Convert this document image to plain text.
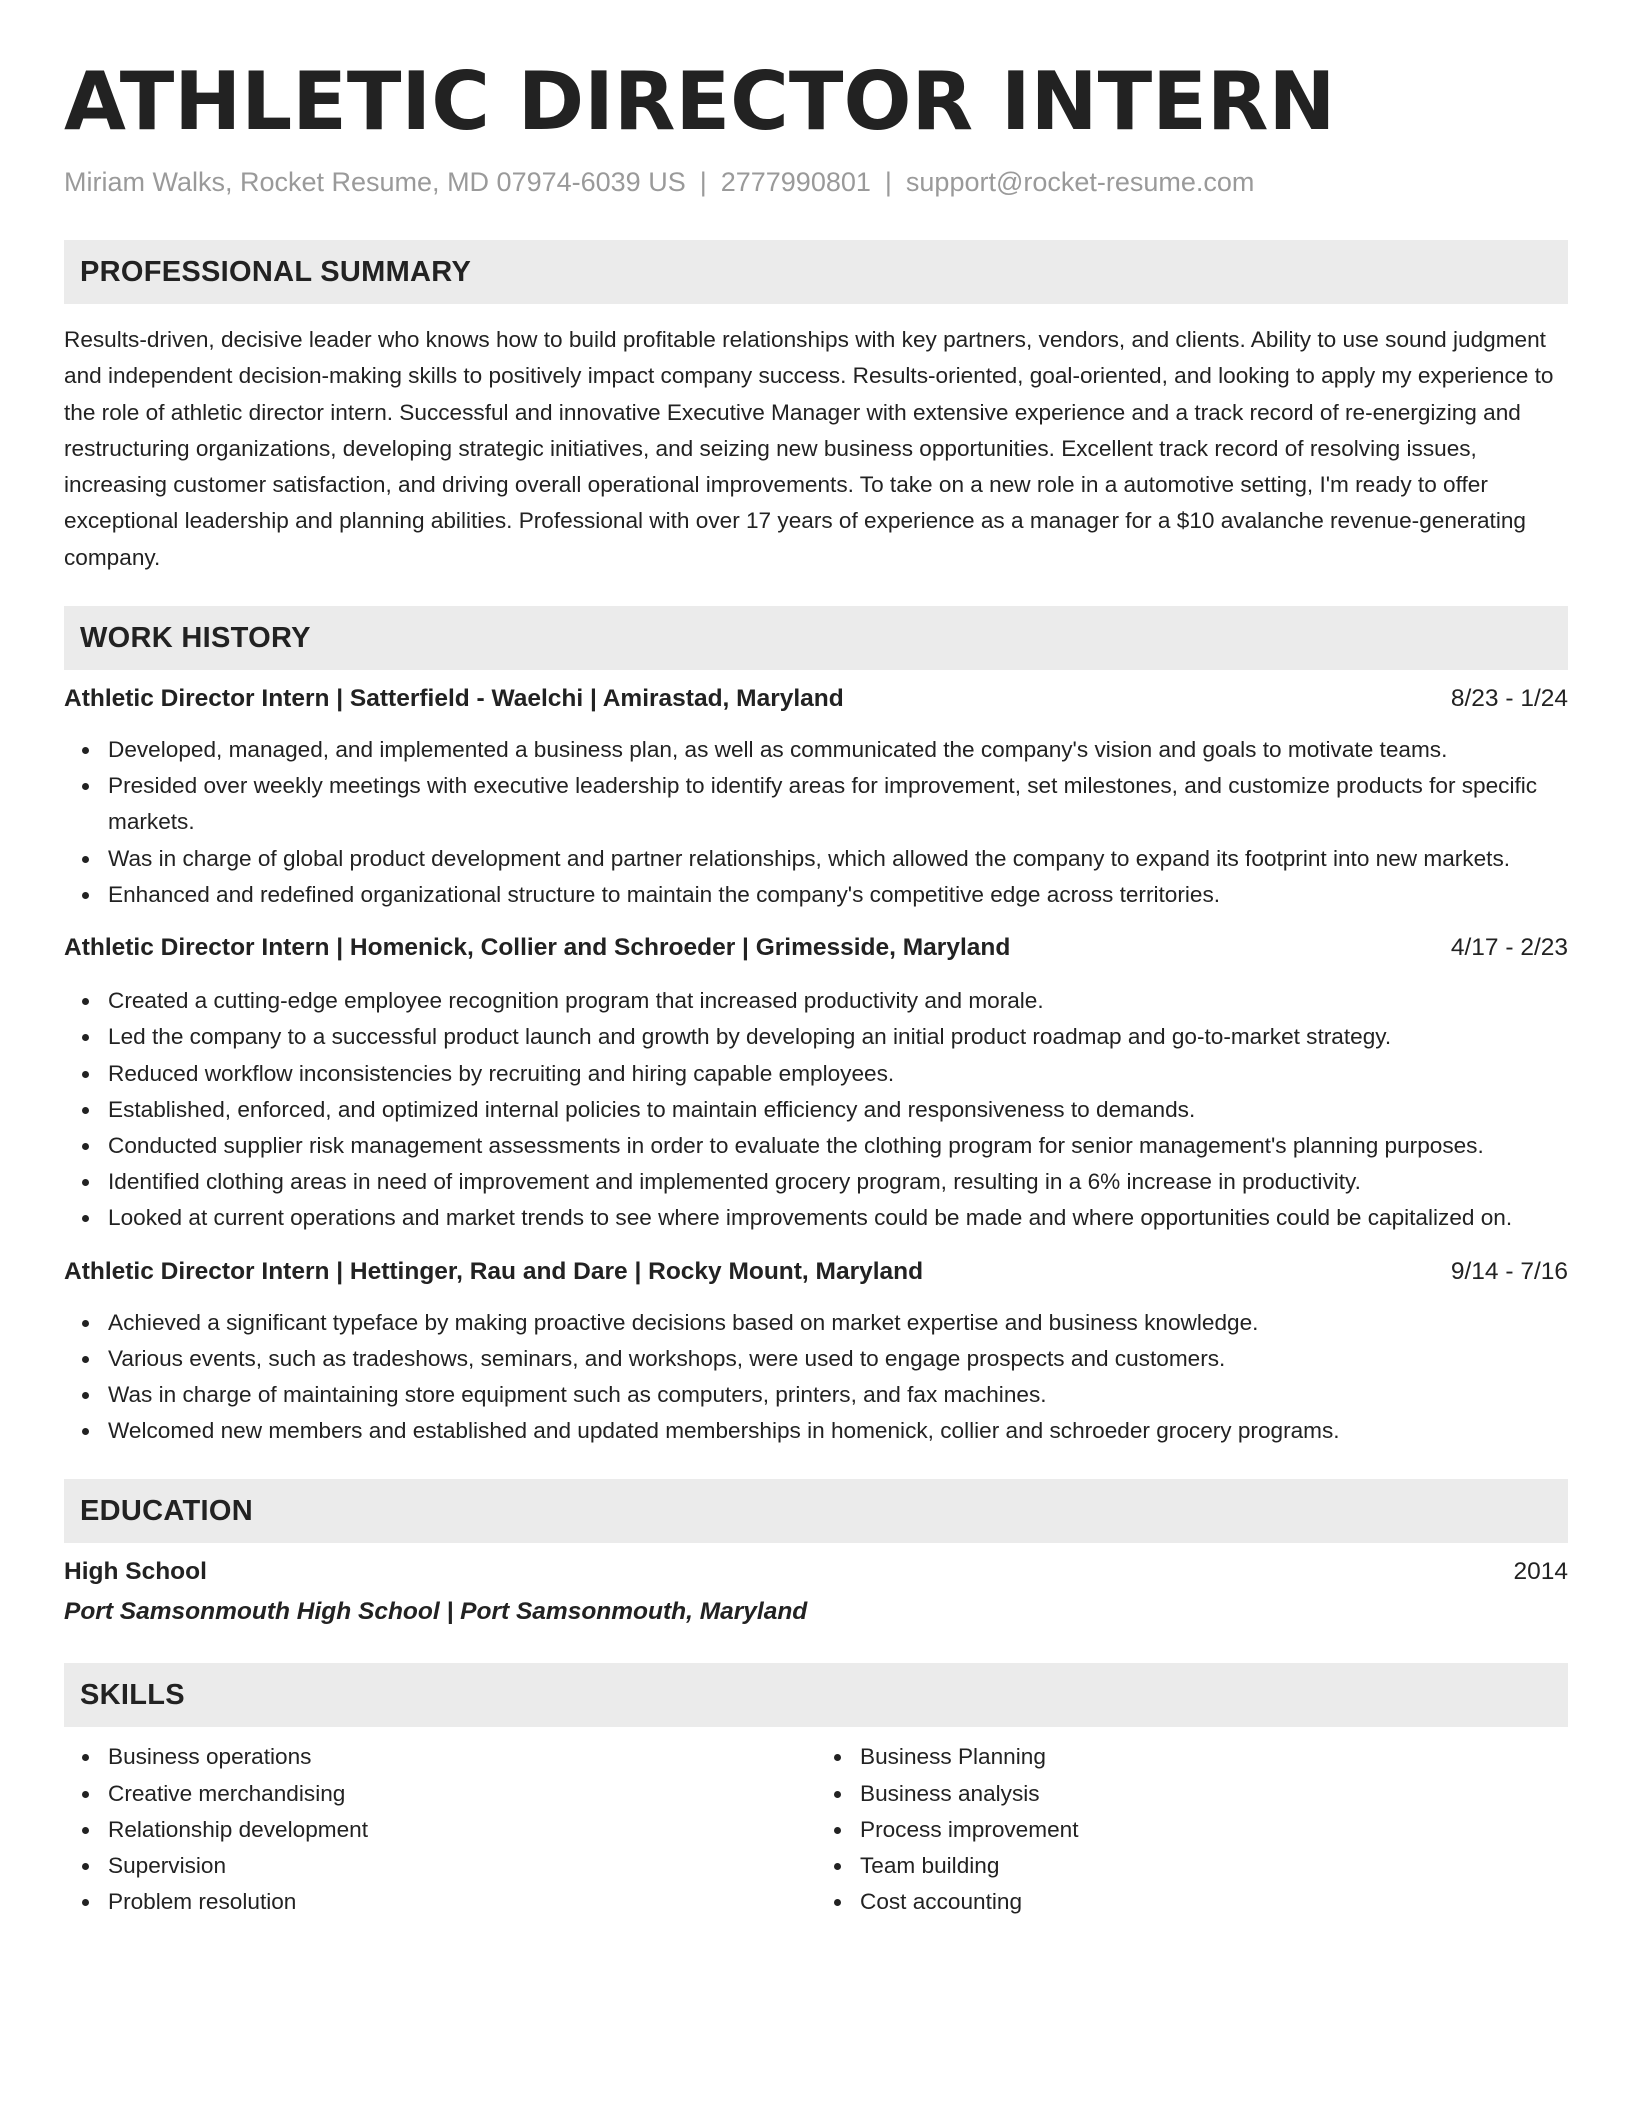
ATHLETIC DIRECTOR INTERN
Miriam Walks, Rocket Resume, MD 07974-6039 US | 2777990801 | support@rocket-resume.com
PROFESSIONAL SUMMARY

Results-driven, decisive leader who knows how to build profitable relationships with key partners, vendors, and clients. Ability to use sound judgment and independent decision-making skills to positively impact company success. Results-oriented, goal-oriented, and looking to apply my experience to the role of athletic director intern. Successful and innovative Executive Manager with extensive experience and a track record of re-energizing and restructuring organizations, developing strategic initiatives, and seizing new business opportunities. Excellent track record of resolving issues, increasing customer satisfaction, and driving overall operational improvements. To take on a new role in a automotive setting, I'm ready to offer exceptional leadership and planning abilities. Professional with over 17 years of experience as a manager for a $10 avalanche revenue-generating company.

WORK HISTORY
Athletic Director Intern | Satterfield - Waelchi | Amirastad, Maryland	8/23 - 1/24
Developed, managed, and implemented a business plan, as well as communicated the company's vision and goals to motivate teams.
Presided over weekly meetings with executive leadership to identify areas for improvement, set milestones, and customize products for specific markets.
Was in charge of global product development and partner relationships, which allowed the company to expand its footprint into new markets.
Enhanced and redefined organizational structure to maintain the company's competitive edge across territories.
Athletic Director Intern | Homenick, Collier and Schroeder | Grimesside, Maryland	4/17 - 2/23
Created a cutting-edge employee recognition program that increased productivity and morale.
Led the company to a successful product launch and growth by developing an initial product roadmap and go-to-market strategy.
Reduced workflow inconsistencies by recruiting and hiring capable employees.
Established, enforced, and optimized internal policies to maintain efficiency and responsiveness to demands.
Conducted supplier risk management assessments in order to evaluate the clothing program for senior management's planning purposes.
Identified clothing areas in need of improvement and implemented grocery program, resulting in a 6% increase in productivity.
Looked at current operations and market trends to see where improvements could be made and where opportunities could be capitalized on.
Athletic Director Intern | Hettinger, Rau and Dare | Rocky Mount, Maryland	9/14 - 7/16
Achieved a significant typeface by making proactive decisions based on market expertise and business knowledge.
Various events, such as tradeshows, seminars, and workshops, were used to engage prospects and customers.
Was in charge of maintaining store equipment such as computers, printers, and fax machines.
Welcomed new members and established and updated memberships in homenick, collier and schroeder grocery programs.
EDUCATION
High School	2014
Port Samsonmouth High School | Port Samsonmouth, Maryland
SKILLS
Business operations
Creative merchandising
Relationship development
Supervision
Problem resolution
Business Planning
Business analysis
Process improvement
Team building
Cost accounting
